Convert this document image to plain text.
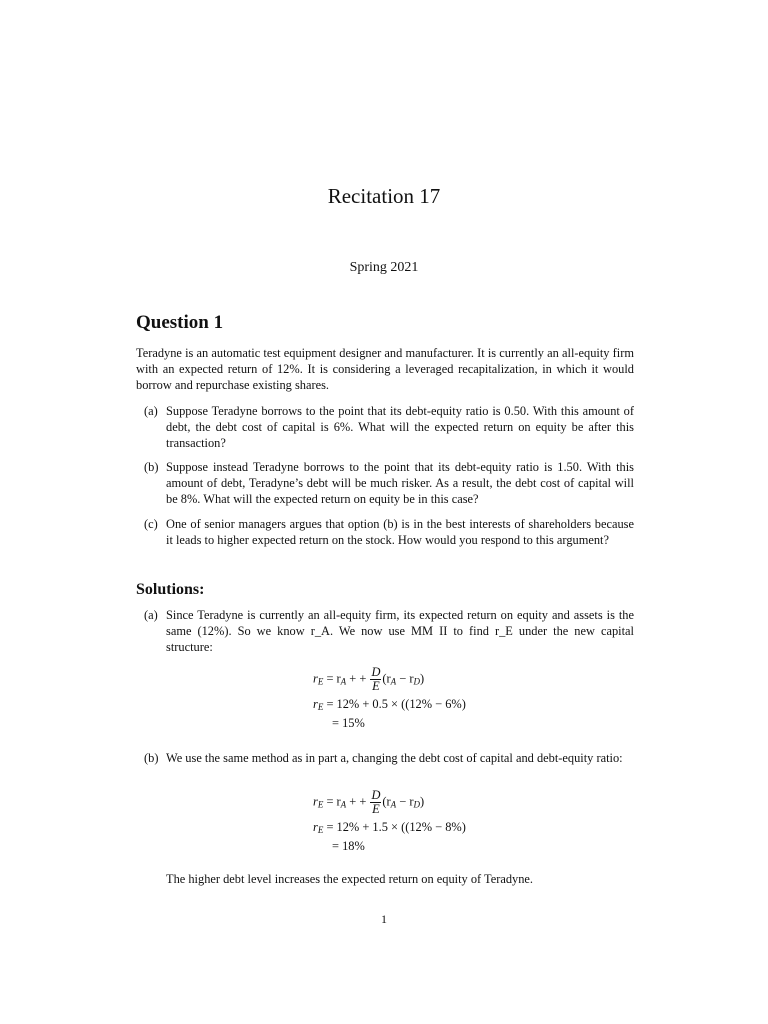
Recitation 17
Spring 2021
Question 1
Teradyne is an automatic test equipment designer and manufacturer. It is currently an all-equity firm with an expected return of 12%. It is considering a leveraged recapitalization, in which it would borrow and repurchase existing shares.
(a) Suppose Teradyne borrows to the point that its debt-equity ratio is 0.50. With this amount of debt, the debt cost of capital is 6%. What will the expected return on equity be after this transaction?
(b) Suppose instead Teradyne borrows to the point that its debt-equity ratio is 1.50. With this amount of debt, Teradyne’s debt will be much risker. As a result, the debt cost of capital will be 8%. What will the expected return on equity be in this case?
(c) One of senior managers argues that option (b) is in the best interests of shareholders because it leads to higher expected return on the stock. How would you respond to this argument?
Solutions:
(a) Since Teradyne is currently an all-equity firm, its expected return on equity and assets is the same (12%). So we know r_A. We now use MM II to find r_E under the new capital structure:
$r_E = r_A$ + + $\frac{D}{E} (r_A - r_D)$
$r_E = 12\% + 0.5 \times ((12\% - 6\%)$
= 15%
(b) We use the same method as in part a, changing the debt cost of capital and debt-equity ratio:
$r_E = r_A$ + + $\frac{D}{E} (r_A - r_D)$
$r_E = 12\% + 1.5 \times ((12\% - 8\%)$
= 18%
The higher debt level increases the expected return on equity of Teradyne.
1
